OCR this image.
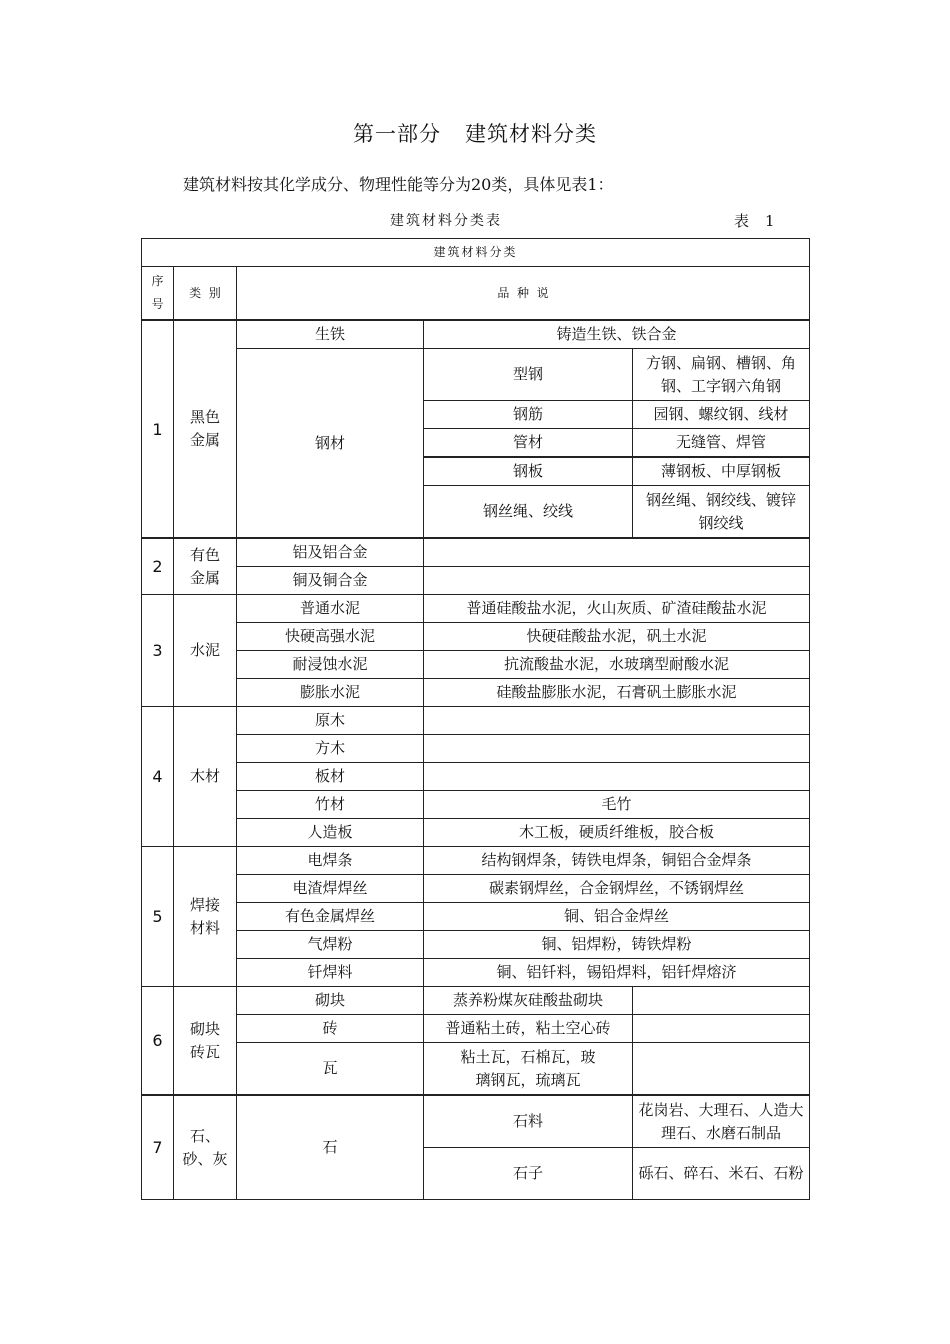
第一部分 建筑材料分类
建筑材料按其化学成分、物理性能等分为20类，具体见表1：
建筑材料分类表	表 1
建筑材料分类				
序号	类  别	品  种  说		
1	黑色金属	生铁	铸造生铁、铁合金	
		钢材	型钢	方钢、扁钢、槽钢、角钢、工字钢六角钢
			钢筋	园钢、螺纹钢、线材
			管材	无缝管、焊管
			钢板	薄钢板、中厚钢板
			钢丝绳、绞线	钢丝绳、钢绞线、镀锌钢绞线

2	有色金属	铝及铝合金		
		铜及铜合金		
3	水泥	普通水泥	普通硅酸盐水泥，火山灰质、矿渣硅酸盐水泥	
		快硬高强水泥	快硬硅酸盐水泥，矾土水泥	
		耐浸蚀水泥	抗流酸盐水泥，水玻璃型耐酸水泥	
		膨胀水泥	硅酸盐膨胀水泥，石膏矾土膨胀水泥	
4	木材	原木		
		方木		
		板材		
		竹材	毛竹	
		人造板	木工板，硬质纤维板，胶合板	
5	焊接材料	电焊条	结构钢焊条，铸铁电焊条，铜铝合金焊条	
		电渣焊焊丝	碳素钢焊丝，合金钢焊丝，不锈钢焊丝	
		有色金属焊丝	铜、铝合金焊丝	
		气焊粉	铜、铝焊粉，铸铁焊粉	
		钎焊料	铜、铝钎料，锡铅焊料，铝钎焊熔济	
6	砌块砖瓦	砌块	蒸养粉煤灰硅酸盐砌块	
		砖	普通粘土砖，粘土空心砖	
		瓦	粘土瓦，石棉瓦，玻璃钢瓦，琉璃瓦	
7	石、砂、灰	石	石料	花岗岩、大理石、人造大理石、水磨石制品
			石子	砾石、碎石、米石、石粉
